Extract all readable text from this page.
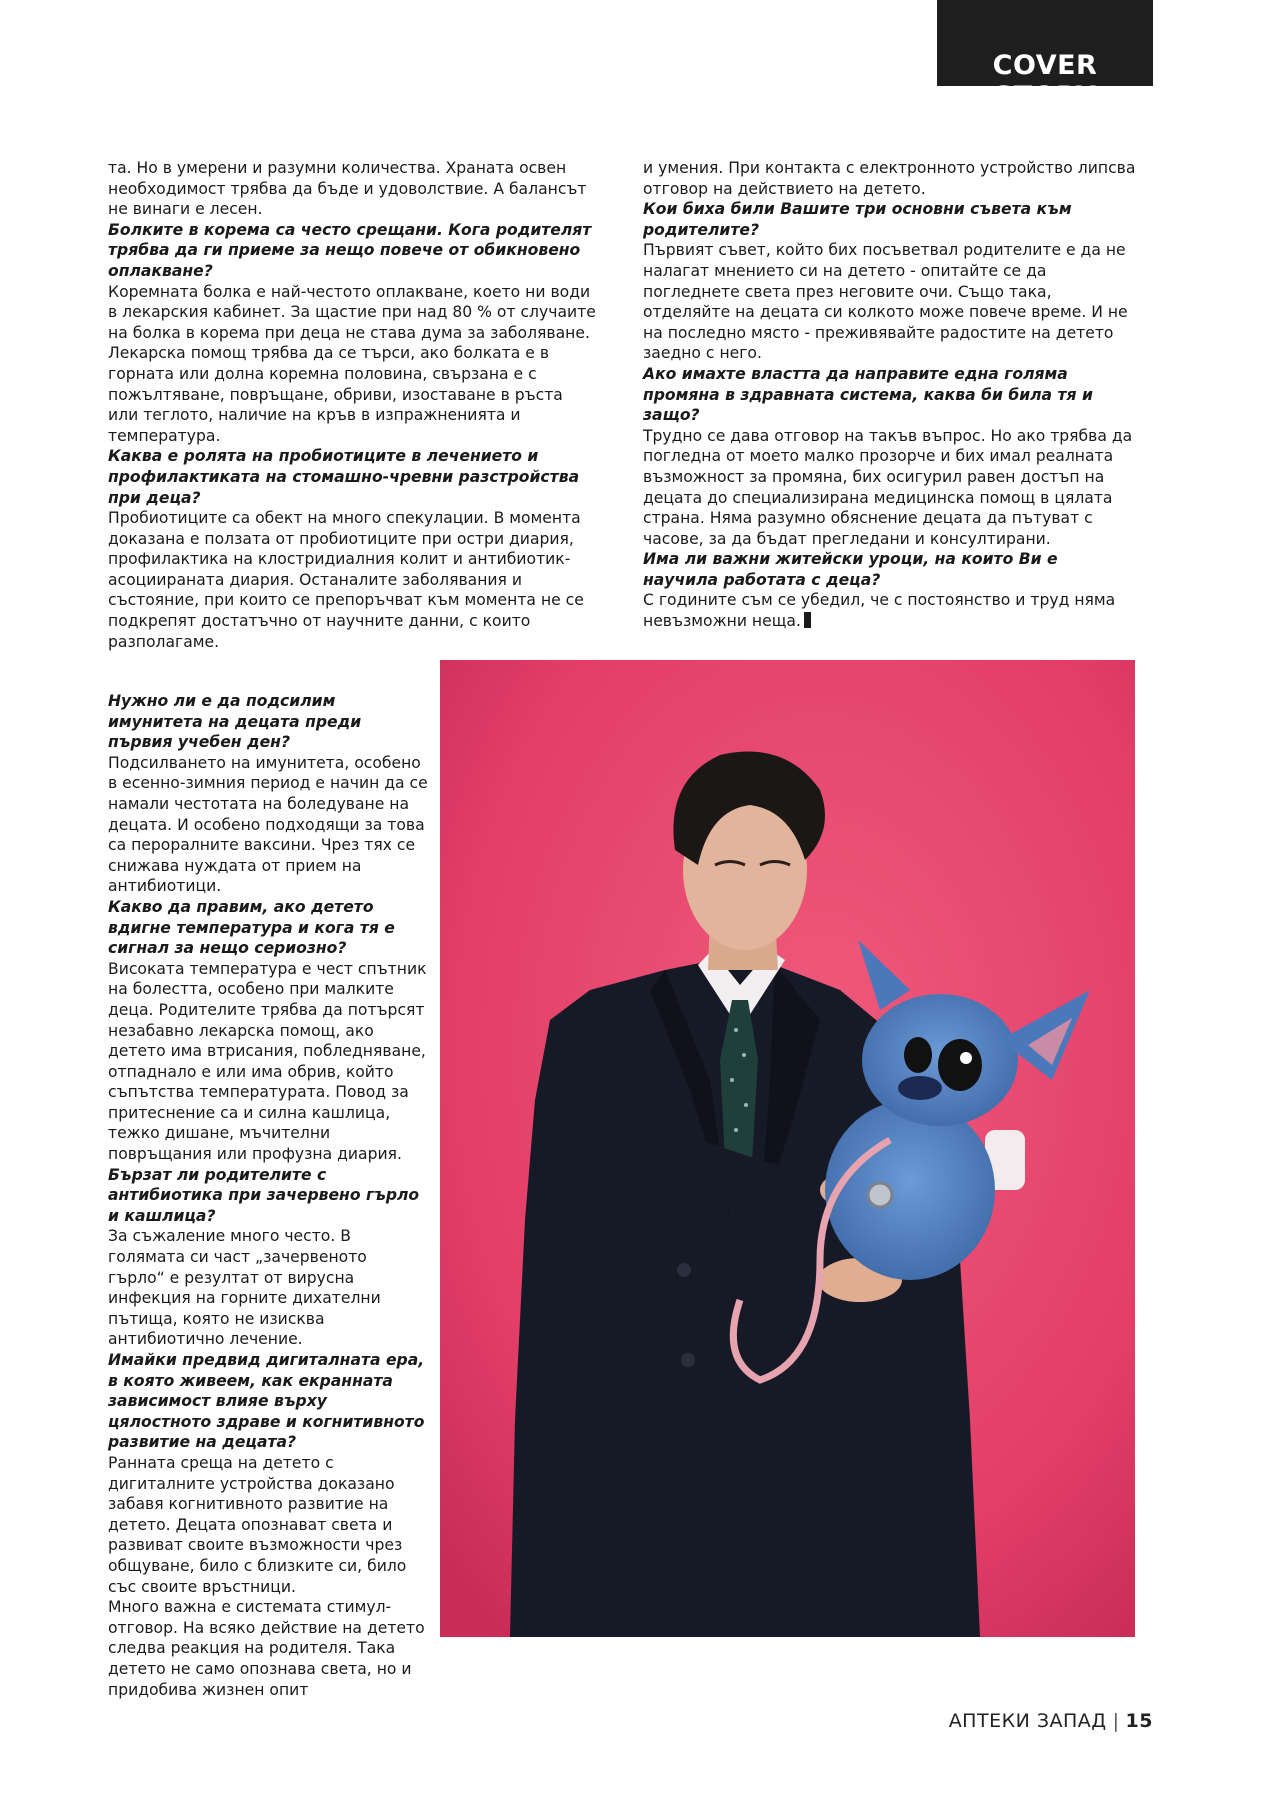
COVER STORY

та. Но в умерени и разумни количества. Храната освен необходимост трябва да бъде и удоволствие. А балансът не винаги е лесен.

Болките в корема са често срещани. Кога родителят трябва да ги приеме за нещо повече от обикновено оплакване?

Коремната болка е най-честото оплакване, което ни води в лекарския кабинет. За щастие при над 80 % от случаите на болка в корема при деца не става дума за заболяване.

Лекарска помощ трябва да се търси, ако болката е в горната или долна коремна половина, свързана е с пожълтяване, повръщане, обриви, изоставане в ръста или теглото, наличие на кръв в изпражненията и температура.

Каква е ролята на пробиотиците в лечението и профилактиката на стомашно-чревни разстройства при деца?

Пробиотиците са обект на много спекулации. В момента доказана е ползата от пробиотиците при остри диария, профилактика на клостридиалния колит и антибиотик-асоциираната диария. Останалите заболявания и състояние, при които се препоръчват към момента не се подкрепят достатъчно от научните данни, с които разполагаме.

Нужно ли е да подсилим имунитета на децата преди първия учебен ден?

Подсилването на имунитета, особено в есенно-зимния период е начин да се намали честотата на боледуване на децата. И особено подходящи за това са пероралните ваксини. Чрез тях се снижава нуждата от прием на антибиотици.

Какво да правим, ако детето вдигне температура и кога тя е сигнал за нещо сериозно?

Високата температура е чест спътник на болестта, особено при малките деца. Родителите трябва да потърсят незабавно лекарска помощ, ако детето има втрисания, побледняване, отпаднало е или има обрив, който съпътства температурата. Повод за притеснение са и силна кашлица, тежко дишане, мъчителни повръщания или профузна диария.

Бързат ли родителите с антибиотика при зачервено гърло и кашлица?

За съжаление много често. В голямата си част „зачервеното гърло“ е резултат от вирусна инфекция на горните дихателни пътища, която не изисква антибиотично лечение.

Имайки предвид дигиталната ера, в която живеем, как екранната зависимост влияе върху цялостното здраве и когнитивното развитие на децата?

Ранната среща на детето с дигиталните устройства доказано забавя когнитивното развитие на детето. Децата опознават света и развиват своите възможности чрез общуване, било с близките си, било със своите връстници.

Много важна е системата стимул-отговор. На всяко действие на детето следва реакция на родителя. Така детето не само опознава света, но и придобива жизнен опит

и умения. При контакта с електронното устройство липсва отговор на действието на детето.

Кои биха били Вашите три основни съвета към родителите?

Първият съвет, който бих посъветвал родителите е да не налагат мнението си на детето - опитайте се да погледнете света през неговите очи. Също така, отделяйте на децата си колкото може повече време. И не на последно място - преживявайте радостите на детето заедно с него.

Ако имахте властта да направите една голяма промяна в здравната система, каква би била тя и защо?

Трудно се дава отговор на такъв въпрос. Но ако трябва да погледна от моето малко прозорче и бих имал реалната възможност за промяна, бих осигурил равен достъп на децата до специализирана медицинска помощ в цялата страна. Няма разумно обяснение децата да пътуват с часове, за да бъдат прегледани и консултирани.

Има ли важни житейски уроци, на които Ви е научила работата с деца?

С годините съм се убедил, че с постоянство и труд няма невъзможни неща.

АПТЕКИ ЗАПАД | 15
